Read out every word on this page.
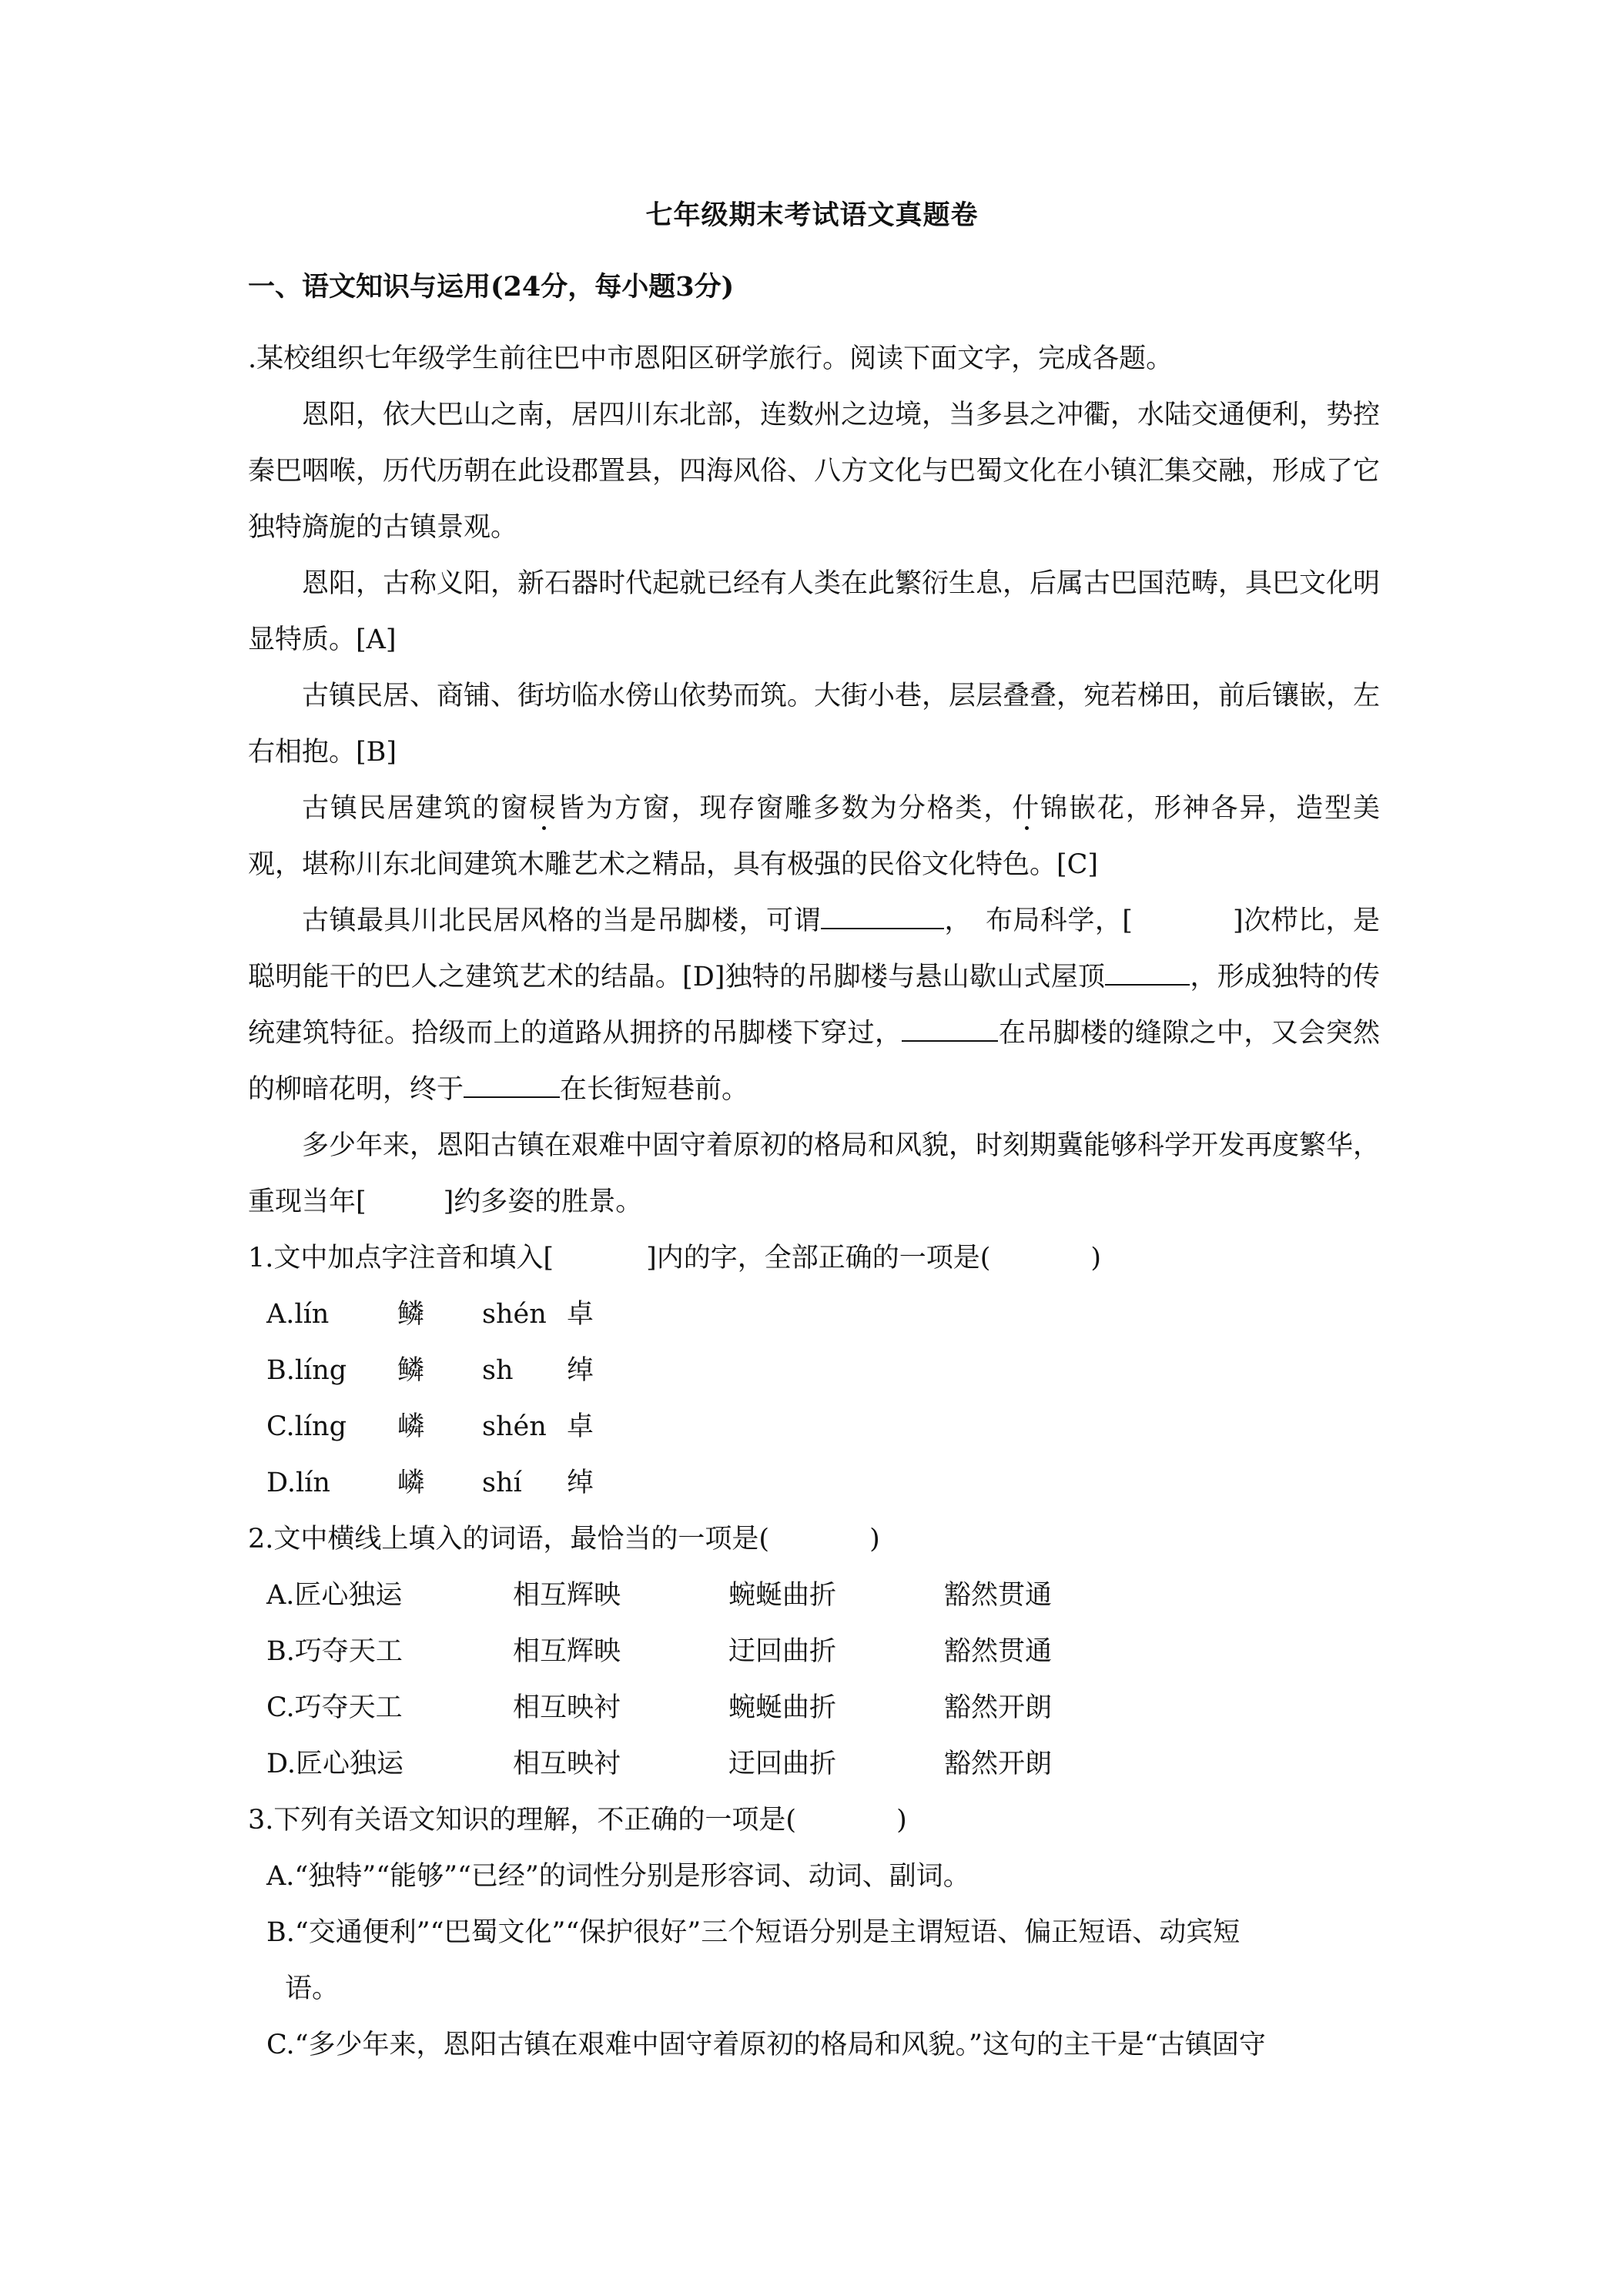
七年级期末考试语文真题卷
一、语文知识与运用(24分，每小题3分)

.某校组织七年级学生前往巴中市恩阳区研学旅行。阅读下面文字，完成各题。

恩阳，依大巴山之南，居四川东北部，连数州之边境，当多县之冲衢，水陆交通便利，势控秦巴咽喉，历代历朝在此设郡置县，四海风俗、八方文化与巴蜀文化在小镇汇集交融，形成了它独特旖旎的古镇景观。

恩阳，古称义阳，新石器时代起就已经有人类在此繁衍生息，后属古巴国范畴，具巴文化明显特质。[A]

古镇民居、商铺、街坊临水傍山依势而筑。大街小巷，层层叠叠，宛若梯田，前后镶嵌，左右相抱。[B]

古镇民居建筑的窗棂皆为方窗，现存窗雕多数为分格类，什锦嵌花，形神各异，造型美观，堪称川东北间建筑木雕艺术之精品，具有极强的民俗文化特色。[C]

古镇最具川北民居风格的当是吊脚楼，可谓	，　布局科学，[	]次栉比，是聪明能干的巴人之建筑艺术的结晶。[D]独特的吊脚楼与悬山歇山式屋顶	，形成独特的传统建筑特征。拾级而上的道路从拥挤的吊脚楼下穿过，	在吊脚楼的缝隙之中，又会突然的柳暗花明，终于	在长街短巷前。

多少年来，恩阳古镇在艰难中固守着原初的格局和风貌，时刻期冀能够科学开发再度繁华，重现当年[	]约多姿的胜景。

1.文中加点字注音和填入[	]内的字，全部正确的一项是(	)

A.lín	鳞	shén 卓
B.líng	鳞	sh	绰
C.líng	嶙	shén 卓
D.lín	嶙	shí	绰

2.文中横线上填入的词语，最恰当的一项是(	)

A.匠心独运	相互辉映	蜿蜒曲折	豁然贯通
B.巧夺天工	相互辉映	迂回曲折	豁然贯通
C.巧夺天工	相互映衬	蜿蜒曲折	豁然开朗
D.匠心独运	相互映衬	迂回曲折	豁然开朗

3.下列有关语文知识的理解，不正确的一项是(	)

A.“独特”“能够”“已经”的词性分别是形容词、动词、副词。

B.“交通便利”“巴蜀文化”“保护很好”三个短语分别是主谓短语、偏正短语、动宾短
语。

C.“多少年来，恩阳古镇在艰难中固守着原初的格局和风貌。”这句的主干是“古镇固守
